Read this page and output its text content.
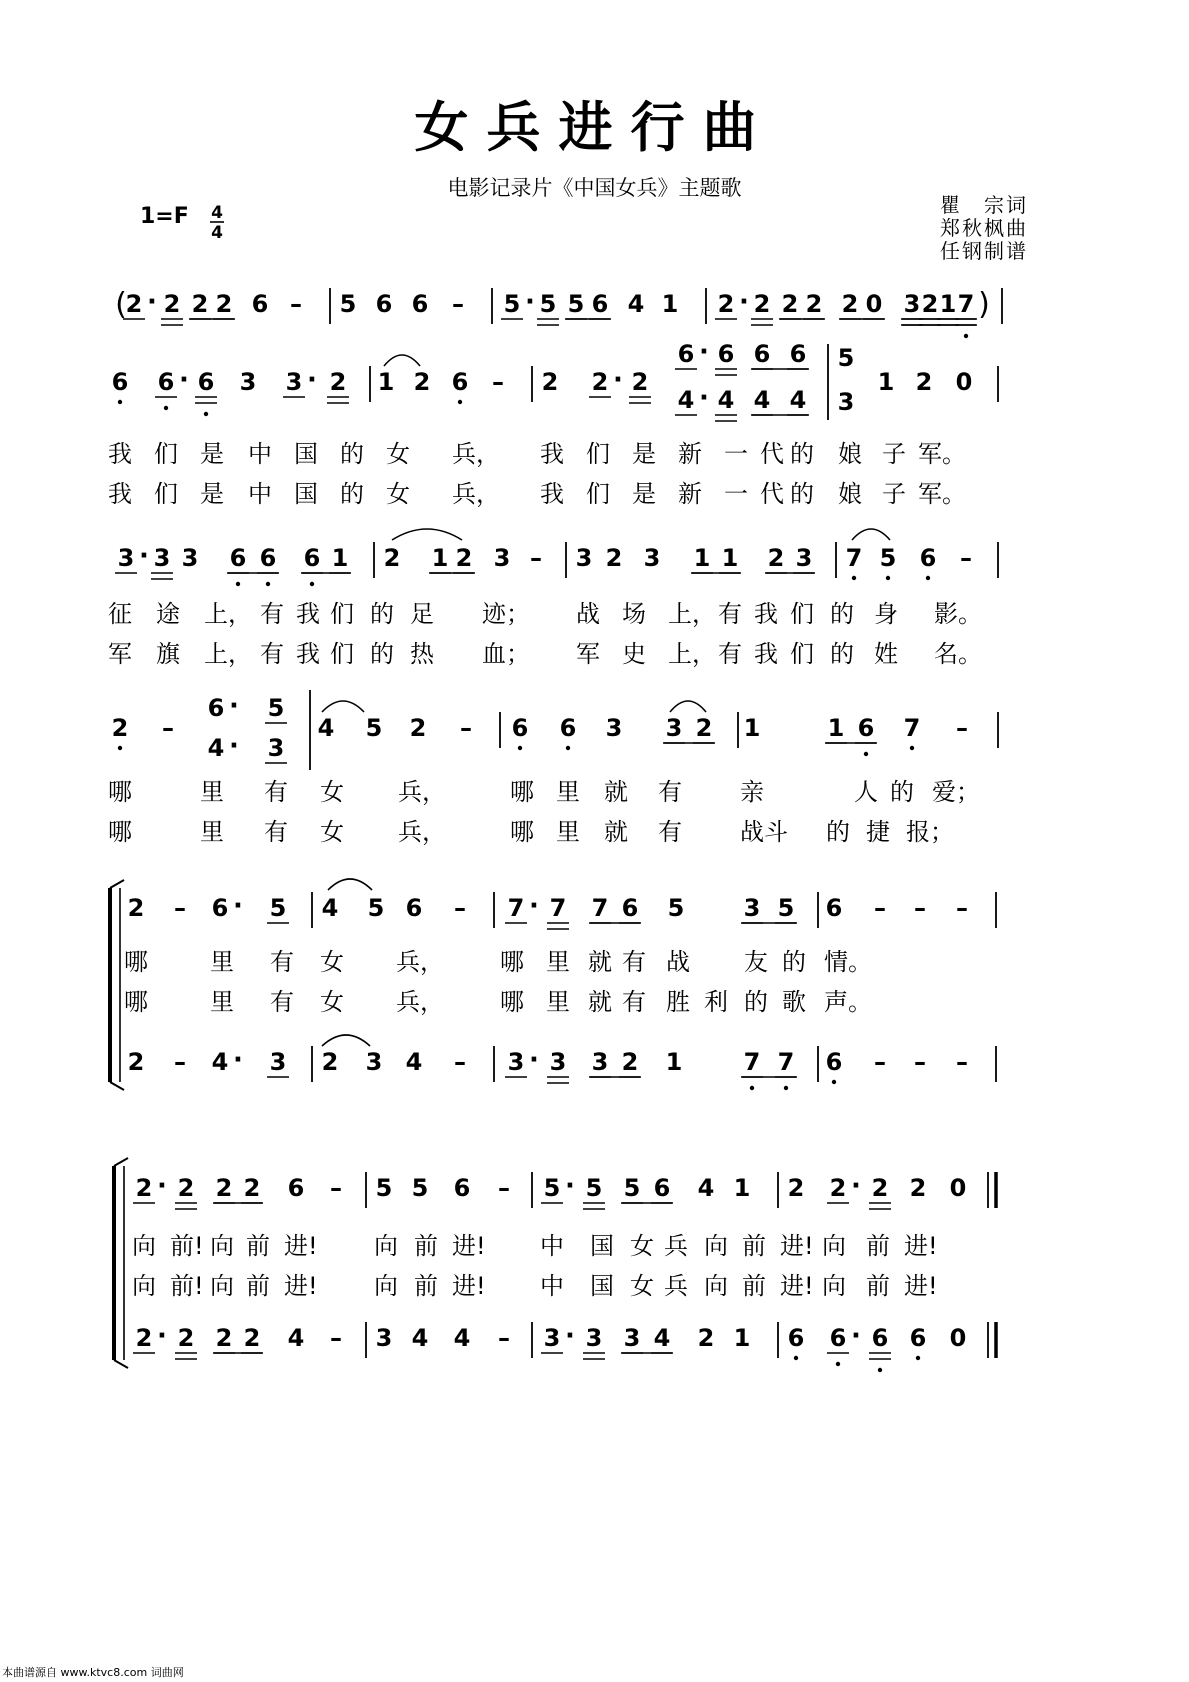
女兵进行曲
电影记录片《中国女兵》主题歌
1=F	瞿　宗词
郑秋枫曲
任钢制谱
4
4
(
2 · 2 2 2 6 – 5 6 6 – 5 · 5 5 6 4 1 2 · 2 2 2 2 0 3 2 1 7 )
6 6 · 6 3 3 · 2 1 2 6 – 2 2 · 2
6 · 6 6 6
4 · 4 4 4
5
3
1 2 0
3 · 3 3 6 6 6 1 2 1 2 3 – 3 2 3 1 1 2 3 7 5 6 –
2 –
6 · 5
4 · 3
4 5 2 – 6 6 3 3 2 1	1 6 7 –
2 – 6 · 5 4 5 6 – 7 · 7 7 6 5 3 5 6 – – –
2 – 4 · 3 2 3 4 – 3 · 3 3 2 1	7 7 6 – – –
2 · 2 2 2 6 – 5 5 6 – 5 · 5 5 6 4 1 2 2 · 2 2 0
2 · 2 2 2 4 – 3 4 4 – 3 · 3 3 4 2 1 6 6 · 6 6 0
我 们 是 中 国 的 女 兵， 我 们 是 新 一 代 的 娘 子 军。
我 们 是 中 国 的 女 兵， 我 们 是 新 一 代 的 娘 子 军。
征 途 上， 有 我 们 的 足 迹； 战 场 上， 有 我 们 的 身 影。
军 旗 上， 有 我 们 的 热 血； 军 史 上， 有 我 们 的 姓 名。
哪	里 有 女 兵，	哪 里 就 有 亲	人 的 爱；
哪	里 有 女 兵，	哪 里 就 有 战斗 的 捷 报；
哪	里 有 女 兵， 哪 里 就 有 战 友 的 情。
哪	里 有 女 兵， 哪 里 就 有 胜 利 的 歌 声。
向 前! 向 前 进! 向 前 进! 中 国 女 兵 向 前 进! 向 前 进!
向 前! 向 前 进! 向 前 进! 中 国 女 兵 向 前 进! 向 前 进!
本曲谱源自 www.ktvc8.com 词曲网
